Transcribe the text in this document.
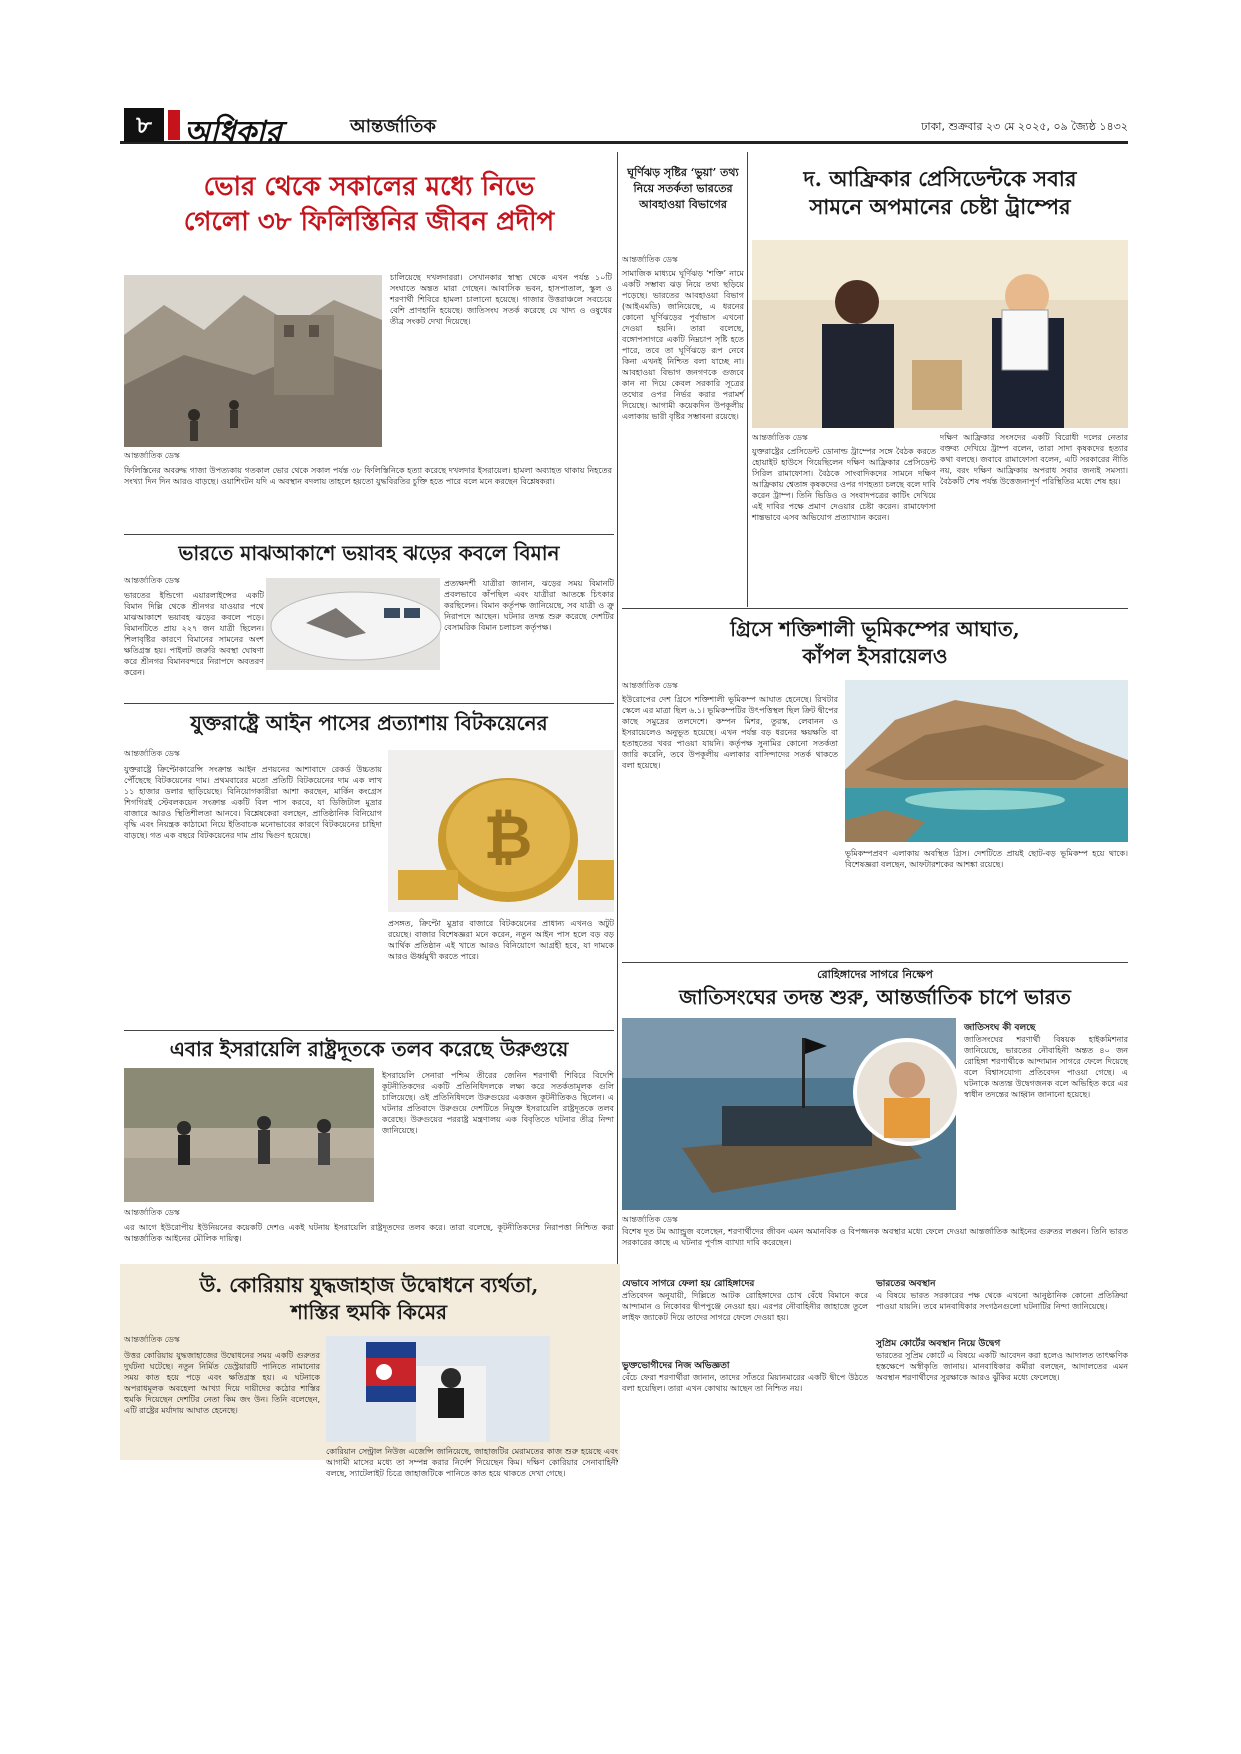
৮	অধিকার	আন্তর্জাতিক	ঢাকা, শুক্রবার ২৩ মে ২০২৫, ০৯ জ্যৈষ্ঠ ১৪৩২
ভোর থেকে সকালের মধ্যে নিভে
গেলো ৩৮ ফিলিস্তিনির জীবন প্রদীপ
চালিয়েছে দখলদাররা। সেখানকার স্বাস্থ্য থেকে এখন পর্যন্ত ১০টি সংঘাতে অন্তত মারা গেছেন। আবাসিক ভবন, হাসপাতাল, স্কুল ও শরণার্থী শিবিরে হামলা চালানো হয়েছে। গাজার উত্তরাঞ্চলে সবচেয়ে বেশি প্রাণহানি হয়েছে। জাতিসংঘ সতর্ক করেছে যে খাদ্য ও ওষুধের তীব্র সংকট দেখা দিয়েছে।
আন্তর্জাতিক ডেস্ক
ফিলিস্তিনের অবরুদ্ধ গাজা উপত্যকায় গতকাল ভোর থেকে সকাল পর্যন্ত ৩৮ ফিলিস্তিনিকে হত্যা করেছে দখলদার ইসরায়েল। হামলা অব্যাহত থাকায় নিহতের সংখ্যা দিন দিন আরও বাড়ছে। ওয়াশিংটন যদি এ অবস্থান বদলায় তাহলে হয়তো যুদ্ধবিরতির চুক্তি হতে পারে বলে মনে করছেন বিশ্লেষকরা।
ভারতে মাঝআকাশে ভয়াবহ ঝড়ের কবলে বিমান
আন্তর্জাতিক ডেস্ক
ভারতের ইন্ডিগো এয়ারলাইন্সের একটি বিমান দিল্লি থেকে শ্রীনগর যাওয়ার পথে মাঝআকাশে ভয়াবহ ঝড়ের কবলে পড়ে। বিমানটিতে প্রায় ২২৭ জন যাত্রী ছিলেন। শিলাবৃষ্টির কারণে বিমানের সামনের অংশ ক্ষতিগ্রস্ত হয়। পাইলট জরুরি অবস্থা ঘোষণা করে শ্রীনগর বিমানবন্দরে নিরাপদে অবতরণ করেন।
প্রত্যক্ষদর্শী যাত্রীরা জানান, ঝড়ের সময় বিমানটি প্রবলভাবে কাঁপছিল এবং যাত্রীরা আতঙ্কে চিৎকার করছিলেন। বিমান কর্তৃপক্ষ জানিয়েছে, সব যাত্রী ও ক্রু নিরাপদে আছেন। ঘটনার তদন্ত শুরু করেছে দেশটির বেসামরিক বিমান চলাচল কর্তৃপক্ষ।
যুক্তরাষ্ট্রে আইন পাসের প্রত্যাশায় বিটকয়েনের
আন্তর্জাতিক ডেস্ক
যুক্তরাষ্ট্রে ক্রিপ্টোকারেন্সি সংক্রান্ত আইন প্রণয়নের আশাবাদে রেকর্ড উচ্চতায় পৌঁছেছে বিটকয়েনের দাম। প্রথমবারের মতো প্রতিটি বিটকয়েনের দাম এক লাখ ১১ হাজার ডলার ছাড়িয়েছে। বিনিয়োগকারীরা আশা করছেন, মার্কিন কংগ্রেস শিগগিরই স্টেবলকয়েন সংক্রান্ত একটি বিল পাস করবে, যা ডিজিটাল মুদ্রার বাজারে আরও স্থিতিশীলতা আনবে। বিশ্লেষকেরা বলছেন, প্রাতিষ্ঠানিক বিনিয়োগ বৃদ্ধি এবং নিয়ন্ত্রক কাঠামো নিয়ে ইতিবাচক মনোভাবের কারণে বিটকয়েনের চাহিদা বাড়ছে। গত এক বছরে বিটকয়েনের দাম প্রায় দ্বিগুণ হয়েছে।	₿
প্রসঙ্গত, ক্রিপ্টো মুদ্রার বাজারে বিটকয়েনের প্রাধান্য এখনও অটুট রয়েছে। বাজার বিশেষজ্ঞরা মনে করেন, নতুন আইন পাস হলে বড় বড় আর্থিক প্রতিষ্ঠান এই খাতে আরও বিনিয়োগে আগ্রহী হবে, যা দামকে আরও ঊর্ধ্বমুখী করতে পারে।
এবার ইসরায়েলি রাষ্ট্রদূতকে তলব করেছে উরুগুয়ে
ইসরায়েলি সেনারা পশ্চিম তীরের জেনিন শরণার্থী শিবিরে বিদেশি কূটনীতিকদের একটি প্রতিনিধিদলকে লক্ষ্য করে সতর্কতামূলক গুলি চালিয়েছে। ওই প্রতিনিধিদলে উরুগুয়ের একজন কূটনীতিকও ছিলেন। এ ঘটনার প্রতিবাদে উরুগুয়ে দেশটিতে নিযুক্ত ইসরায়েলি রাষ্ট্রদূতকে তলব করেছে। উরুগুয়ের পররাষ্ট্র মন্ত্রণালয় এক বিবৃতিতে ঘটনার তীব্র নিন্দা জানিয়েছে।
আন্তর্জাতিক ডেস্ক
এর আগে ইউরোপীয় ইউনিয়নের কয়েকটি দেশও একই ঘটনায় ইসরায়েলি রাষ্ট্রদূতদের তলব করে। তারা বলেছে, কূটনীতিকদের নিরাপত্তা নিশ্চিত করা আন্তর্জাতিক আইনের মৌলিক দায়িত্ব।
উ. কোরিয়ায় যুদ্ধজাহাজ উদ্বোধনে ব্যর্থতা,
শাস্তির হুমকি কিমের
আন্তর্জাতিক ডেস্ক
উত্তর কোরিয়ায় যুদ্ধজাহাজের উদ্বোধনের সময় একটি গুরুতর দুর্ঘটনা ঘটেছে। নতুন নির্মিত ডেস্ট্রয়ারটি পানিতে নামানোর সময় কাত হয়ে পড়ে এবং ক্ষতিগ্রস্ত হয়। এ ঘটনাকে অপরাধমূলক অবহেলা আখ্যা দিয়ে দায়ীদের কঠোর শাস্তির হুমকি দিয়েছেন দেশটির নেতা কিম জং উন। তিনি বলেছেন, এটি রাষ্ট্রের মর্যাদায় আঘাত হেনেছে।
কোরিয়ান সেন্ট্রাল নিউজ এজেন্সি জানিয়েছে, জাহাজটির মেরামতের কাজ শুরু হয়েছে এবং আগামী মাসের মধ্যে তা সম্পন্ন করার নির্দেশ দিয়েছেন কিম। দক্ষিণ কোরিয়ার সেনাবাহিনী বলছে, স্যাটেলাইট চিত্রে জাহাজটিকে পানিতে কাত হয়ে থাকতে দেখা গেছে।
ঘূর্ণিঝড় সৃষ্টির ‘ভুয়া’ তথ্য নিয়ে সতর্কতা ভারতের আবহাওয়া বিভাগের
আন্তর্জাতিক ডেস্ক
সামাজিক মাধ্যমে ঘূর্ণিঝড় ‘শক্তি’ নামে একটি সম্ভাব্য ঝড় নিয়ে তথ্য ছড়িয়ে পড়েছে। ভারতের আবহাওয়া বিভাগ (আইএমডি) জানিয়েছে, এ ধরনের কোনো ঘূর্ণিঝড়ের পূর্বাভাস এখনো দেওয়া হয়নি। তারা বলেছে, বঙ্গোপসাগরে একটি নিম্নচাপ সৃষ্টি হতে পারে, তবে তা ঘূর্ণিঝড়ে রূপ নেবে কিনা এখনই নিশ্চিত বলা যাচ্ছে না। আবহাওয়া বিভাগ জনগণকে গুজবে কান না দিয়ে কেবল সরকারি সূত্রের তথ্যের ওপর নির্ভর করার পরামর্শ দিয়েছে। আগামী কয়েকদিন উপকূলীয় এলাকায় ভারী বৃষ্টির সম্ভাবনা রয়েছে।
দ. আফ্রিকার প্রেসিডেন্টকে সবার
সামনে অপমানের চেষ্টা ট্রাম্পের
আন্তর্জাতিক ডেস্ক
যুক্তরাষ্ট্রের প্রেসিডেন্ট ডোনাল্ড ট্রাম্পের সঙ্গে বৈঠক করতে হোয়াইট হাউসে গিয়েছিলেন দক্ষিণ আফ্রিকার প্রেসিডেন্ট সিরিল রামাফোসা। বৈঠকে সাংবাদিকদের সামনে দক্ষিণ আফ্রিকায় শ্বেতাঙ্গ কৃষকদের ওপর গণহত্যা চলছে বলে দাবি করেন ট্রাম্প। তিনি ভিডিও ও সংবাদপত্রের কাটিং দেখিয়ে এই দাবির পক্ষে প্রমাণ দেওয়ার চেষ্টা করেন। রামাফোসা শান্তভাবে এসব অভিযোগ প্রত্যাখ্যান করেন।
দক্ষিণ আফ্রিকার সংসদের একটি বিরোধী দলের নেতার বক্তব্য দেখিয়ে ট্রাম্প বলেন, তারা সাদা কৃষকদের হত্যার কথা বলছে। জবাবে রামাফোসা বলেন, এটি সরকারের নীতি নয়, বরং দক্ষিণ আফ্রিকায় অপরাধ সবার জন্যই সমস্যা। বৈঠকটি শেষ পর্যন্ত উত্তেজনাপূর্ণ পরিস্থিতির মধ্যে শেষ হয়।
গ্রিসে শক্তিশালী ভূমিকম্পের আঘাত,
কাঁপল ইসরায়েলও
আন্তর্জাতিক ডেস্ক
ইউরোপের দেশ গ্রিসে শক্তিশালী ভূমিকম্প আঘাত হেনেছে। রিখটার স্কেলে এর মাত্রা ছিল ৬.১। ভূমিকম্পটির উৎপত্তিস্থল ছিল ক্রিট দ্বীপের কাছে সমুদ্রের তলদেশে। কম্পন মিশর, তুরস্ক, লেবানন ও ইসরায়েলেও অনুভূত হয়েছে। এখন পর্যন্ত বড় ধরনের ক্ষয়ক্ষতি বা হতাহতের খবর পাওয়া যায়নি। কর্তৃপক্ষ সুনামির কোনো সতর্কতা জারি করেনি, তবে উপকূলীয় এলাকার বাসিন্দাদের সতর্ক থাকতে বলা হয়েছে।
ভূমিকম্পপ্রবণ এলাকায় অবস্থিত গ্রিস। দেশটিতে প্রায়ই ছোট-বড় ভূমিকম্প হয়ে থাকে। বিশেষজ্ঞরা বলছেন, আফটারশকের আশঙ্কা রয়েছে।
রোহিঙ্গাদের সাগরে নিক্ষেপ
জাতিসংঘের তদন্ত শুরু, আন্তর্জাতিক চাপে ভারত
জাতিসংঘ কী বলছে
জাতিসংঘের শরণার্থী বিষয়ক হাইকমিশনার জানিয়েছে, ভারতের নৌবাহিনী অন্তত ৪০ জন রোহিঙ্গা শরণার্থীকে আন্দামান সাগরে ফেলে দিয়েছে বলে বিশ্বাসযোগ্য প্রতিবেদন পাওয়া গেছে। এ ঘটনাকে অত্যন্ত উদ্বেগজনক বলে অভিহিত করে এর স্বাধীন তদন্তের আহ্বান জানানো হয়েছে।
আন্তর্জাতিক ডেস্ক
বিশেষ দূত টম অ্যান্ড্রুজ বলেছেন, শরণার্থীদের জীবন এমন অমানবিক ও বিপজ্জনক অবস্থার মধ্যে ফেলে দেওয়া আন্তর্জাতিক আইনের গুরুতর লঙ্ঘন। তিনি ভারত সরকারের কাছে এ ঘটনার পূর্ণাঙ্গ ব্যাখ্যা দাবি করেছেন।
যেভাবে সাগরে ফেলা হয় রোহিঙ্গাদের
প্রতিবেদন অনুযায়ী, দিল্লিতে আটক রোহিঙ্গাদের চোখ বেঁধে বিমানে করে আন্দামান ও নিকোবর দ্বীপপুঞ্জে নেওয়া হয়। এরপর নৌবাহিনীর জাহাজে তুলে লাইফ জ্যাকেট দিয়ে তাদের সাগরে ফেলে দেওয়া হয়।
ভুক্তভোগীদের নিজ অভিজ্ঞতা
বেঁচে ফেরা শরণার্থীরা জানান, তাদের সাঁতরে মিয়ানমারের একটি দ্বীপে উঠতে বলা হয়েছিল। তারা এখন কোথায় আছেন তা নিশ্চিত নয়।
ভারতের অবস্থান
এ বিষয়ে ভারত সরকারের পক্ষ থেকে এখনো আনুষ্ঠানিক কোনো প্রতিক্রিয়া পাওয়া যায়নি। তবে মানবাধিকার সংগঠনগুলো ঘটনাটির নিন্দা জানিয়েছে।
সুপ্রিম কোর্টের অবস্থান নিয়ে উদ্বেগ
ভারতের সুপ্রিম কোর্টে এ বিষয়ে একটি আবেদন করা হলেও আদালত তাৎক্ষণিক হস্তক্ষেপে অস্বীকৃতি জানায়। মানবাধিকার কর্মীরা বলছেন, আদালতের এমন অবস্থান শরণার্থীদের সুরক্ষাকে আরও ঝুঁকির মধ্যে ফেলেছে।
